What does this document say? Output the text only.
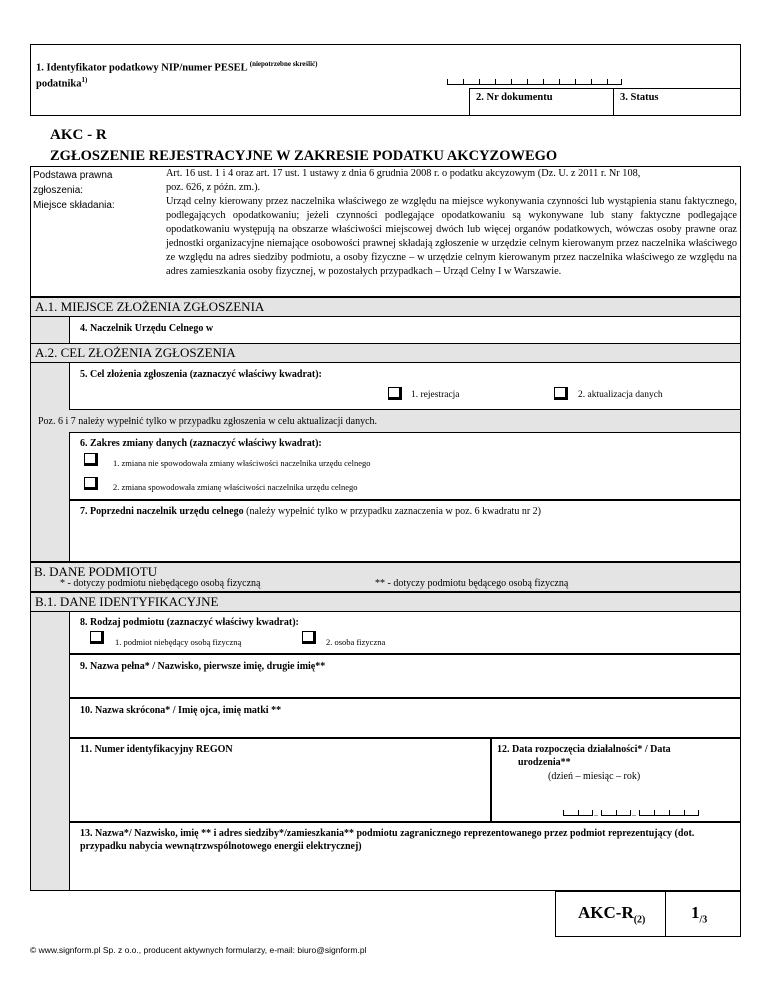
1. Identyfikator podatkowy NIP/numer PESEL $^{(niepotrzebne skreślić)}$
podatnika$^{1)}$
2. Nr dokumentu	3. Status
AKC - R
ZGŁOSZENIE REJESTRACYJNE W ZAKRESIE PODATKU AKCYZOWEGO
Podstawa prawna
zgłoszenia:
Miejsce składania:
Art. 16 ust. 1 i 4 oraz art. 17 ust. 1 ustawy z dnia 6 grudnia 2008 r. o podatku akcyzowym (Dz. U. z 2011 r. Nr 108,
poz. 626, z późn. zm.).
Urząd celny kierowany przez naczelnika właściwego ze względu na miejsce wykonywania czynności lub wystąpienia stanu faktycznego, podlegających opodatkowaniu; jeżeli czynności podlegające opodatkowaniu są wykonywane lub stany faktyczne podlegające opodatkowaniu występują na obszarze właściwości miejscowej dwóch lub więcej organów podatkowych, wówczas osoby prawne oraz jednostki organizacyjne niemające osobowości prawnej składają zgłoszenie w urzędzie celnym kierowanym przez naczelnika właściwego ze względu na adres siedziby podmiotu, a osoby fizyczne – w urzędzie celnym kierowanym przez naczelnika właściwego ze względu na adres zamieszkania osoby fizycznej, w pozostałych przypadkach – Urząd Celny I w Warszawie.
A.1. MIEJSCE ZŁOŻENIA ZGŁOSZENIA
4. Naczelnik Urzędu Celnego w
A.2. CEL ZŁOŻENIA ZGŁOSZENIA
5. Cel złożenia zgłoszenia (zaznaczyć właściwy kwadrat):
1. rejestracja	2. aktualizacja danych
Poz. 6 i 7 należy wypełnić tylko w przypadku zgłoszenia w celu aktualizacji danych.
6. Zakres zmiany danych (zaznaczyć właściwy kwadrat):
1. zmiana nie spowodowała zmiany właściwości naczelnika urzędu celnego
2. zmiana spowodowała zmianę właściwości naczelnika urzędu celnego
7. Poprzedni naczelnik urzędu celnego (należy wypełnić tylko w przypadku zaznaczenia w poz. 6 kwadratu nr 2)
B. DANE PODMIOTU
* - dotyczy podmiotu niebędącego osobą fizyczną	** - dotyczy podmiotu będącego osobą fizyczną
B.1. DANE IDENTYFIKACYJNE
8. Rodzaj podmiotu (zaznaczyć właściwy kwadrat):
1. podmiot niebędący osobą fizyczną	2. osoba fizyczna
9. Nazwa pełna* / Nazwisko, pierwsze imię, drugie imię**
10. Nazwa skrócona* / Imię ojca, imię matki **
11. Numer identyfikacyjny REGON	12. Data rozpoczęcia działalności* / Data
urodzenia**
(dzień – miesiąc – rok)
–	–
13. Nazwa*/ Nazwisko, imię ** i adres siedziby*/zamieszkania** podmiotu zagranicznego reprezentowanego przez podmiot reprezentujący (dot. przypadku nabycia wewnątrzwspólnotowego energii elektrycznej)
AKC-$R_{(2)}$	$1_{/3}$
© www.signform.pl Sp. z o.o., producent aktywnych formularzy, e-mail: biuro@signform.pl
